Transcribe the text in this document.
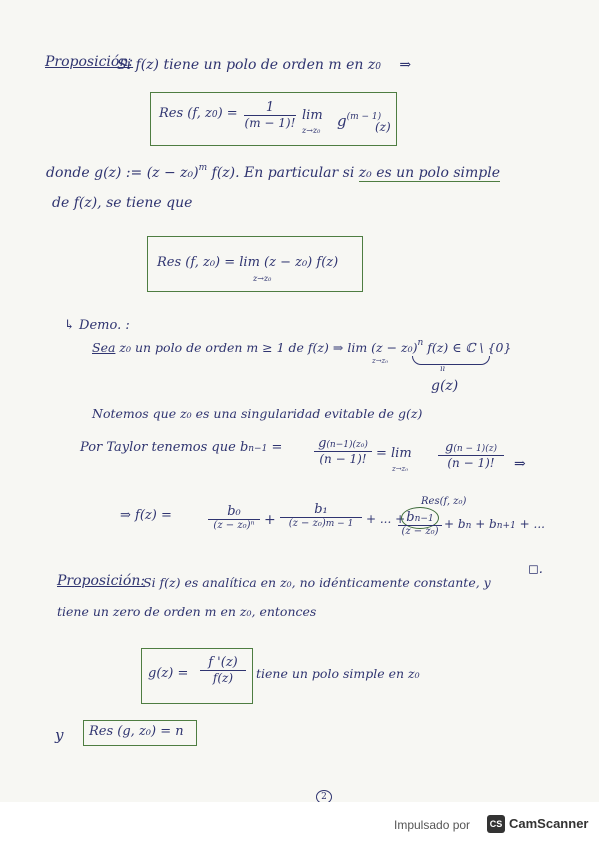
Proposición:
Si f(z) tiene un polo de orden m en z0 ⇒
Res (f, $z0) = \frac{1}{(m - 1)!}$ lim
z→z₀
$g^{(m - 1)}$
(z)
donde g(z) := $(z - z_0)^m$ f(z). En particular si z₀ es un polo simple
de f(z), se tiene que
Res (f, z₀) = lim (z − z₀) f(z)
z→z₀
↳ Demo. :
Sea z₀ un polo de orden m ≥ 1 de f(z) ⇒ $\lim (z - z_0)^n$ f(z) ∈ ℂ \ {0}
z→z₀
ıı
g(z)
Notemos que z₀ es una singularidad evitable de g(z)
Por Taylor tenemos que $bn-1 = \frac{\text{g(n−1)(z₀)}}{(n - 1)!} = \lim$
$z\to z_0 \frac{g(n - 1)(z)}{(n - 1)!}$ ⇒
Res(f, z₀)
⇒ f(z) =	b₀
(z − z₀)ⁿ +
b₁
(z − z₀)m − 1	+ ... + bn−1
(z − z₀)
+ bn + bn+1 + ...
◻.
Proposición:
Si f(z) es analítica en z₀, no idénticamente constante, y
tiene un zero de orden m en z₀, entonces
$g(z) = \frac{f '(z)}{f(z)}$ tiene un polo simple en z₀
y Res (g, z₀) = n
2
Impulsado por	CS CamScanner
